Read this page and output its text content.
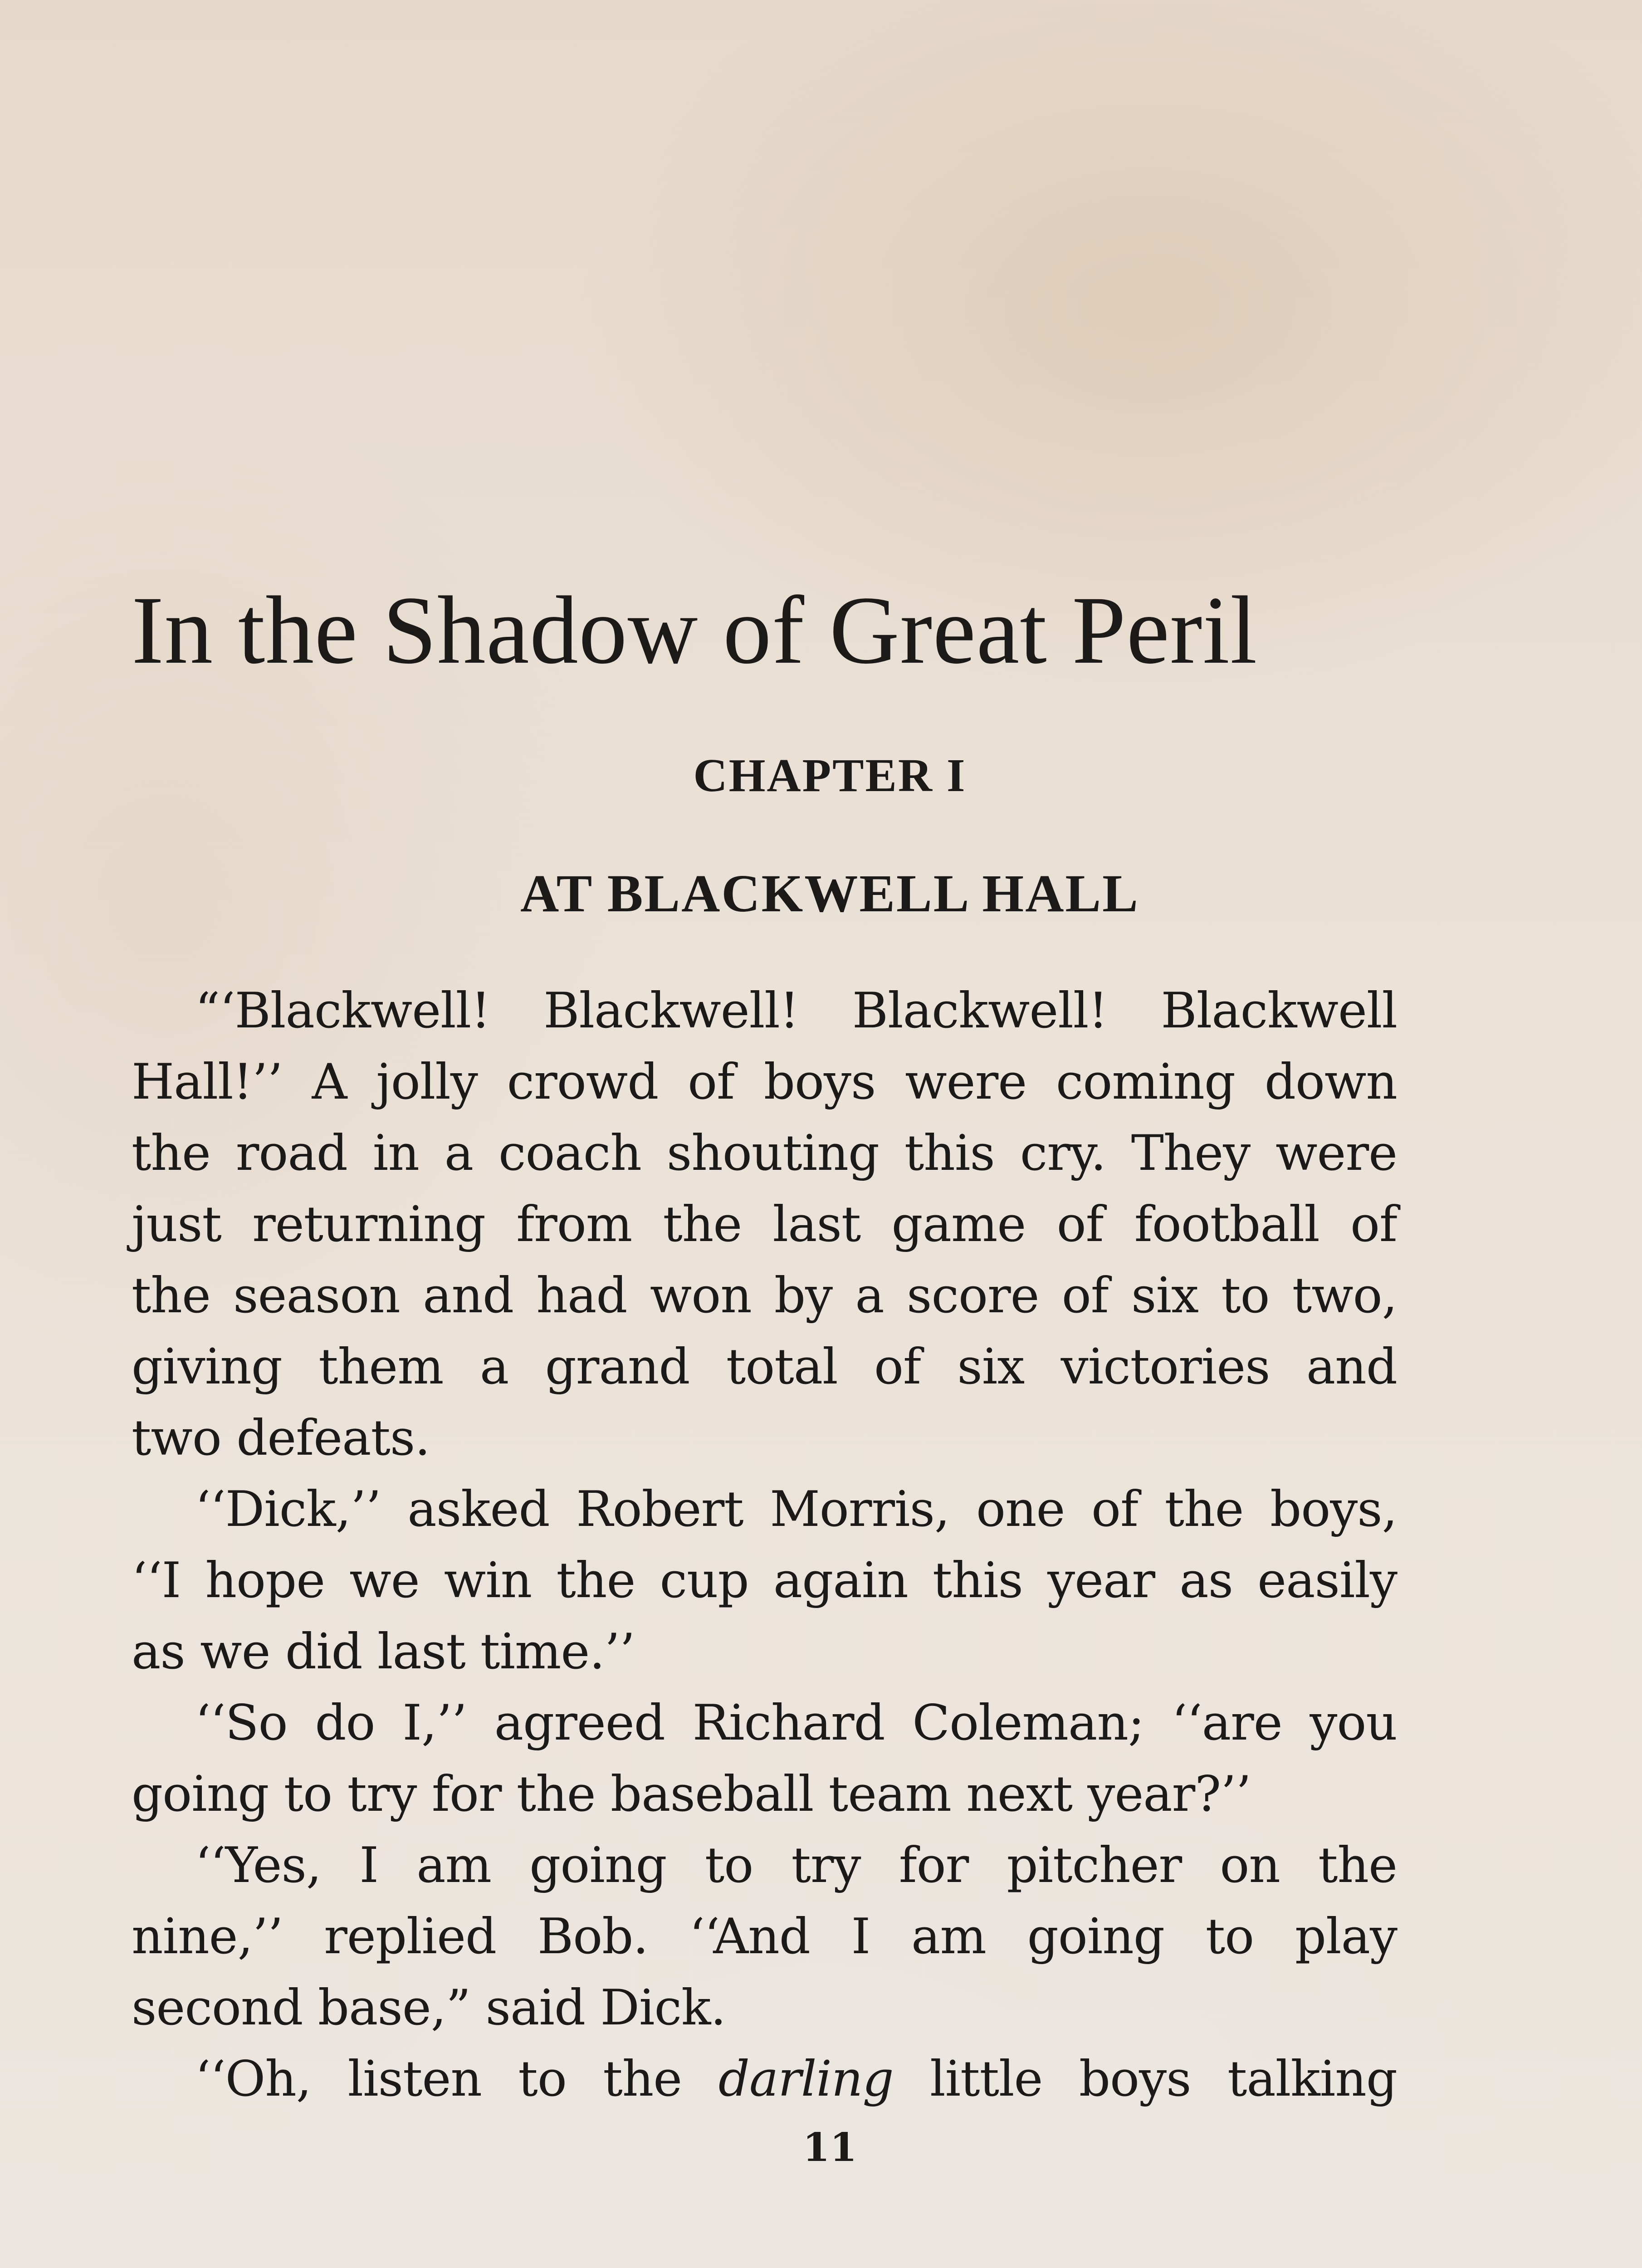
In the Shadow of Great Peril
CHAPTER I
AT BLACKWELL HALL
“‘Blackwell! Blackwell! Blackwell! Blackwell
Hall!’’ A jolly crowd of boys were coming down
the road in a coach shouting this cry. They were
just returning from the last game of football of
the season and had won by a score of six to two,
giving them a grand total of six victories and
two defeats.
‘‘Dick,’’ asked Robert Morris, one of the boys,
‘‘I hope we win the cup again this year as easily
as we did last time.’’
‘‘So do I,’’ agreed Richard Coleman; ‘‘are you
going to try for the baseball team next year?’’
‘‘Yes, I am going to try for pitcher on the
nine,’’ replied Bob. ‘‘And I am going to play
second base,” said Dick.
‘‘Oh, listen to the darling little boys talking
11
